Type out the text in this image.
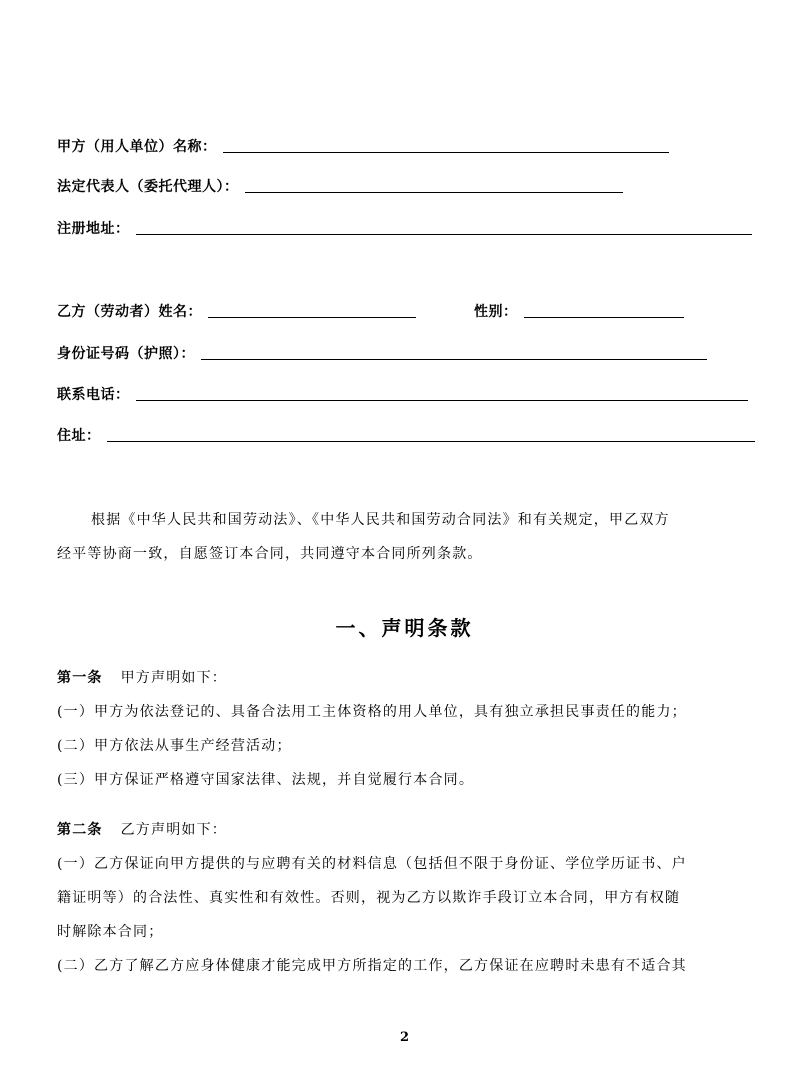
甲方（用人单位）名称：
法定代表人（委托代理人）：
注册地址：
乙方（劳动者）姓名：	性别：
身份证号码（护照）：
联系电话：
住址：
根据《中华人民共和国劳动法》、《中华人民共和国劳动合同法》和有关规定，甲乙双方
经平等协商一致，自愿签订本合同，共同遵守本合同所列条款。
一、声明条款
第一条 甲方声明如下：
(一）甲方为依法登记的、具备合法用工主体资格的用人单位，具有独立承担民事责任的能力；
(二）甲方依法从事生产经营活动；
(三）甲方保证严格遵守国家法律、法规，并自觉履行本合同。
第二条 乙方声明如下：
(一）乙方保证向甲方提供的与应聘有关的材料信息（包括但不限于身份证、学位学历证书、户
籍证明等）的合法性、真实性和有效性。否则，视为乙方以欺诈手段订立本合同，甲方有权随
时解除本合同；
(二）乙方了解乙方应身体健康才能完成甲方所指定的工作，乙方保证在应聘时未患有不适合其
2
